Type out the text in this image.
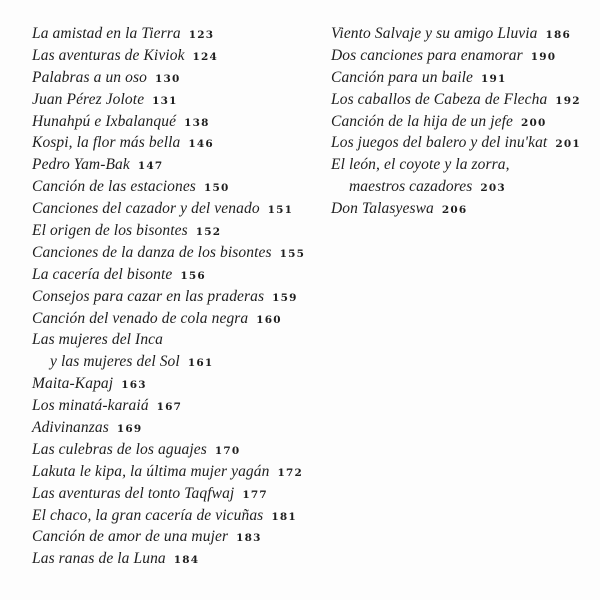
La amistad en la Tierra 123
Las aventuras de Kiviok 124
Palabras a un oso 130
Juan Pérez Jolote 131
Hunahpú e Ixbalanqué 138
Kospi, la flor más bella 146
Pedro Yam-Bak 147
Canción de las estaciones 150
Canciones del cazador y del venado 151
El origen de los bisontes 152
Canciones de la danza de los bisontes 155
La cacería del bisonte 156
Consejos para cazar en las praderas 159
Canción del venado de cola negra 160
Las mujeres del Inca
y las mujeres del Sol 161
Maita-Kapaj 163
Los minatá-karaiá 167
Adivinanzas 169
Las culebras de los aguajes 170
Lakuta le kipa, la última mujer yagán 172
Las aventuras del tonto Taqfwaj 177
El chaco, la gran cacería de vicuñas 181
Canción de amor de una mujer 183
Las ranas de la Luna 184
Viento Salvaje y su amigo Lluvia 186
Dos canciones para enamorar 190
Canción para un baile 191
Los caballos de Cabeza de Flecha 192
Canción de la hija de un jefe 200
Los juegos del balero y del inu'kat 201
El león, el coyote y la zorra,
maestros cazadores 203
Don Talasyeswa 206
